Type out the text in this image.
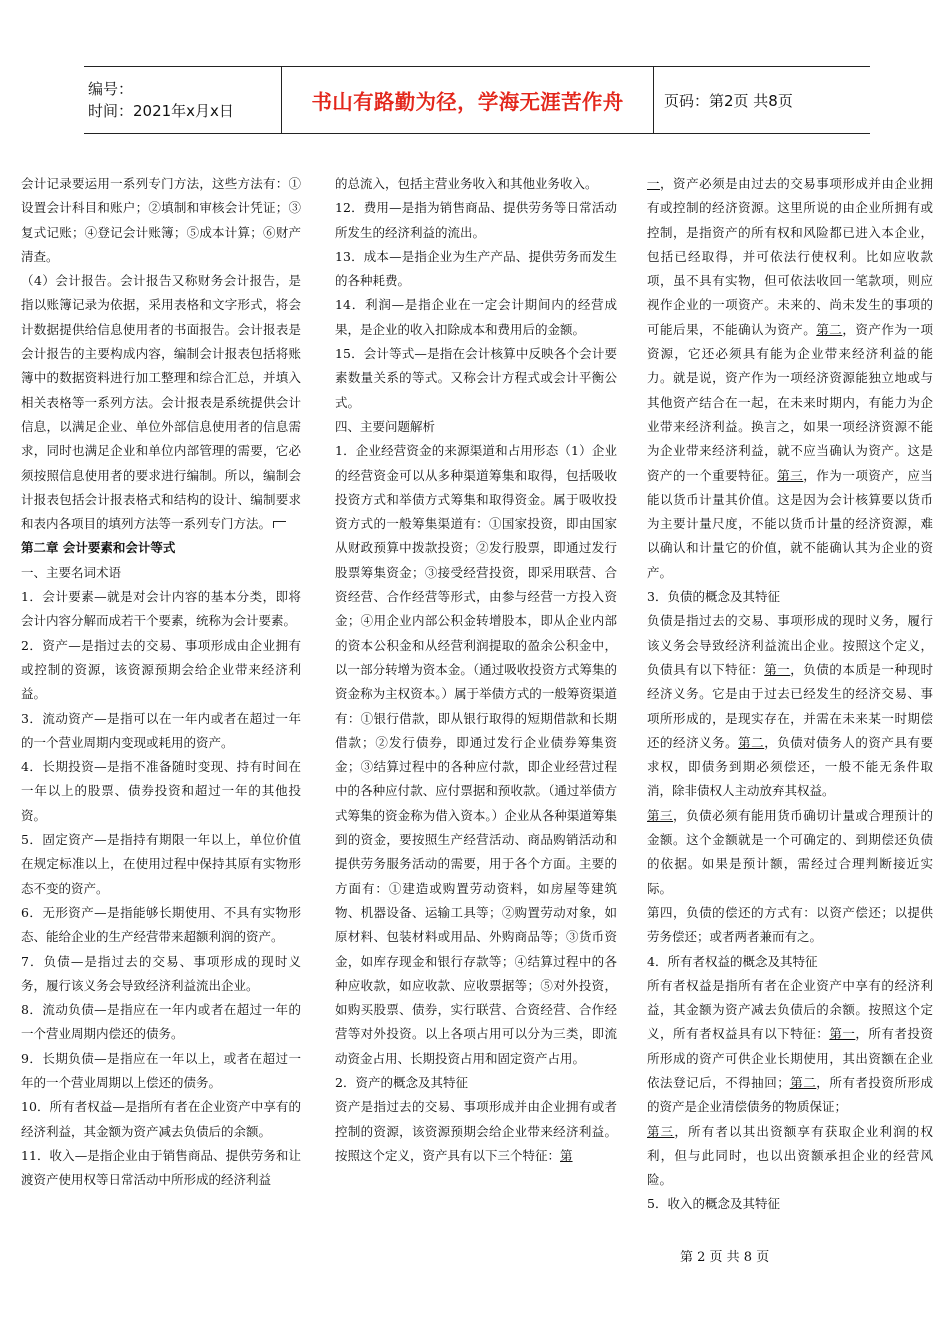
编号：
时间：2021年x月x日	书山有路勤为径，学海无涯苦作舟	页码：第2页 共8页

会计记录要运用一系列专门方法，这些方法有：①设置会计科目和账户；②填制和审核会计凭证；③复式记账；④登记会计账簿；⑤成本计算；⑥财产清查。

（4）会计报告。会计报告又称财务会计报告，是指以账簿记录为依据，采用表格和文字形式，将会计数据提供给信息使用者的书面报告。会计报表是会计报告的主要构成内容，编制会计报表包括将账簿中的数据资料进行加工整理和综合汇总，并填入相关表格等一系列方法。会计报表是系统提供会计信息，以满足企业、单位外部信息使用者的信息需求，同时也满足企业和单位内部管理的需要，它必须按照信息使用者的要求进行编制。所以，编制会计报表包括会计报表格式和结构的设计、编制要求和表内各项目的填列方法等一系列专门方法。

第二章 会计要素和会计等式

一、主要名词术语

1．会计要素—就是对会计内容的基本分类，即将会计内容分解而成若干个要素，统称为会计要素。

2．资产—是指过去的交易、事项形成由企业拥有或控制的资源，该资源预期会给企业带来经济利益。

3．流动资产—是指可以在一年内或者在超过一年的一个营业周期内变现或耗用的资产。

4．长期投资—是指不准备随时变现、持有时间在一年以上的股票、债券投资和超过一年的其他投资。

5．固定资产—是指持有期限一年以上，单位价值在规定标准以上，在使用过程中保持其原有实物形态不变的资产。

6．无形资产—是指能够长期使用、不具有实物形态、能给企业的生产经营带来超额利润的资产。

7．负债—是指过去的交易、事项形成的现时义务，履行该义务会导致经济利益流出企业。

8．流动负债—是指应在一年内或者在超过一年的一个营业周期内偿还的债务。

9．长期负债—是指应在一年以上，或者在超过一年的一个营业周期以上偿还的债务。

10．所有者权益—是指所有者在企业资产中享有的经济利益，其金额为资产减去负债后的余额。

11．收入—是指企业由于销售商品、提供劳务和让渡资产使用权等日常活动中所形成的经济利益

的总流入，包括主营业务收入和其他业务收入。

12．费用—是指为销售商品、提供劳务等日常活动所发生的经济利益的流出。

13．成本—是指企业为生产产品、提供劳务而发生的各种耗费。

14．利润—是指企业在一定会计期间内的经营成果，是企业的收入扣除成本和费用后的金额。

15．会计等式—是指在会计核算中反映各个会计要素数量关系的等式。又称会计方程式或会计平衡公式。

四、主要问题解析

1．企业经营资金的来源渠道和占用形态（1）企业的经营资金可以从多种渠道筹集和取得，包括吸收投资方式和举债方式筹集和取得资金。属于吸收投资方式的一般筹集渠道有：①国家投资，即由国家从财政预算中拨款投资；②发行股票，即通过发行股票筹集资金；③接受经营投资，即采用联营、合资经营、合作经营等形式，由参与经营一方投入资金；④用企业内部公积金转增股本，即从企业内部的资本公积金和从经营利润提取的盈余公积金中，以一部分转增为资本金。（通过吸收投资方式筹集的资金称为主权资本。）属于举债方式的一般筹资渠道有：①银行借款，即从银行取得的短期借款和长期借款；②发行债券，即通过发行企业债券筹集资金；③结算过程中的各种应付款，即企业经营过程中的各种应付款、应付票据和预收款。（通过举债方式筹集的资金称为借入资本。）企业从各种渠道筹集到的资金，要按照生产经营活动、商品购销活动和提供劳务服务活动的需要，用于各个方面。主要的方面有：①建造或购置劳动资料，如房屋等建筑物、机器设备、运输工具等；②购置劳动对象，如原材料、包装材料或用品、外购商品等；③货币资金，如库存现金和银行存款等；④结算过程中的各种应收款，如应收款、应收票据等；⑤对外投资，如购买股票、债券，实行联营、合资经营、合作经营等对外投资。以上各项占用可以分为三类，即流动资金占用、长期投资占用和固定资产占用。

2．资产的概念及其特征

资产是指过去的交易、事项形成并由企业拥有或者控制的资源，该资源预期会给企业带来经济利益。按照这个定义，资产具有以下三个特征：第

一，资产必须是由过去的交易事项形成并由企业拥有或控制的经济资源。这里所说的由企业所拥有或控制，是指资产的所有权和风险都已进入本企业，包括已经取得，并可依法行使权利。比如应收款项，虽不具有实物，但可依法收回一笔款项，则应视作企业的一项资产。未来的、尚未发生的事项的可能后果，不能确认为资产。第二，资产作为一项资源，它还必须具有能为企业带来经济利益的能力。就是说，资产作为一项经济资源能独立地或与其他资产结合在一起，在未来时期内，有能力为企业带来经济利益。换言之，如果一项经济资源不能为企业带来经济利益，就不应当确认为资产。这是资产的一个重要特征。第三，作为一项资产，应当能以货币计量其价值。这是因为会计核算要以货币为主要计量尺度，不能以货币计量的经济资源，难以确认和计量它的价值，就不能确认其为企业的资产。

3．负债的概念及其特征

负债是指过去的交易、事项形成的现时义务，履行该义务会导致经济利益流出企业。按照这个定义，负债具有以下特征：第一，负债的本质是一种现时经济义务。它是由于过去已经发生的经济交易、事项所形成的，是现实存在，并需在未来某一时期偿还的经济义务。第二，负债对债务人的资产具有要求权，即债务到期必须偿还，一般不能无条件取消，除非债权人主动放弃其权益。

第三，负债必须有能用货币确切计量或合理预计的金额。这个金额就是一个可确定的、到期偿还负债的依据。如果是预计额，需经过合理判断接近实际。

第四，负债的偿还的方式有：以资产偿还；以提供劳务偿还；或者两者兼而有之。

4．所有者权益的概念及其特征

所有者权益是指所有者在企业资产中享有的经济利益，其金额为资产减去负债后的余额。按照这个定义，所有者权益具有以下特征：第一，所有者投资所形成的资产可供企业长期使用，其出资额在企业依法登记后，不得抽回；第二，所有者投资所形成的资产是企业清偿债务的物质保证；

第三，所有者以其出资额享有获取企业利润的权利，但与此同时，也以出资额承担企业的经营风险。

5．收入的概念及其特征

第 2 页 共 8 页
